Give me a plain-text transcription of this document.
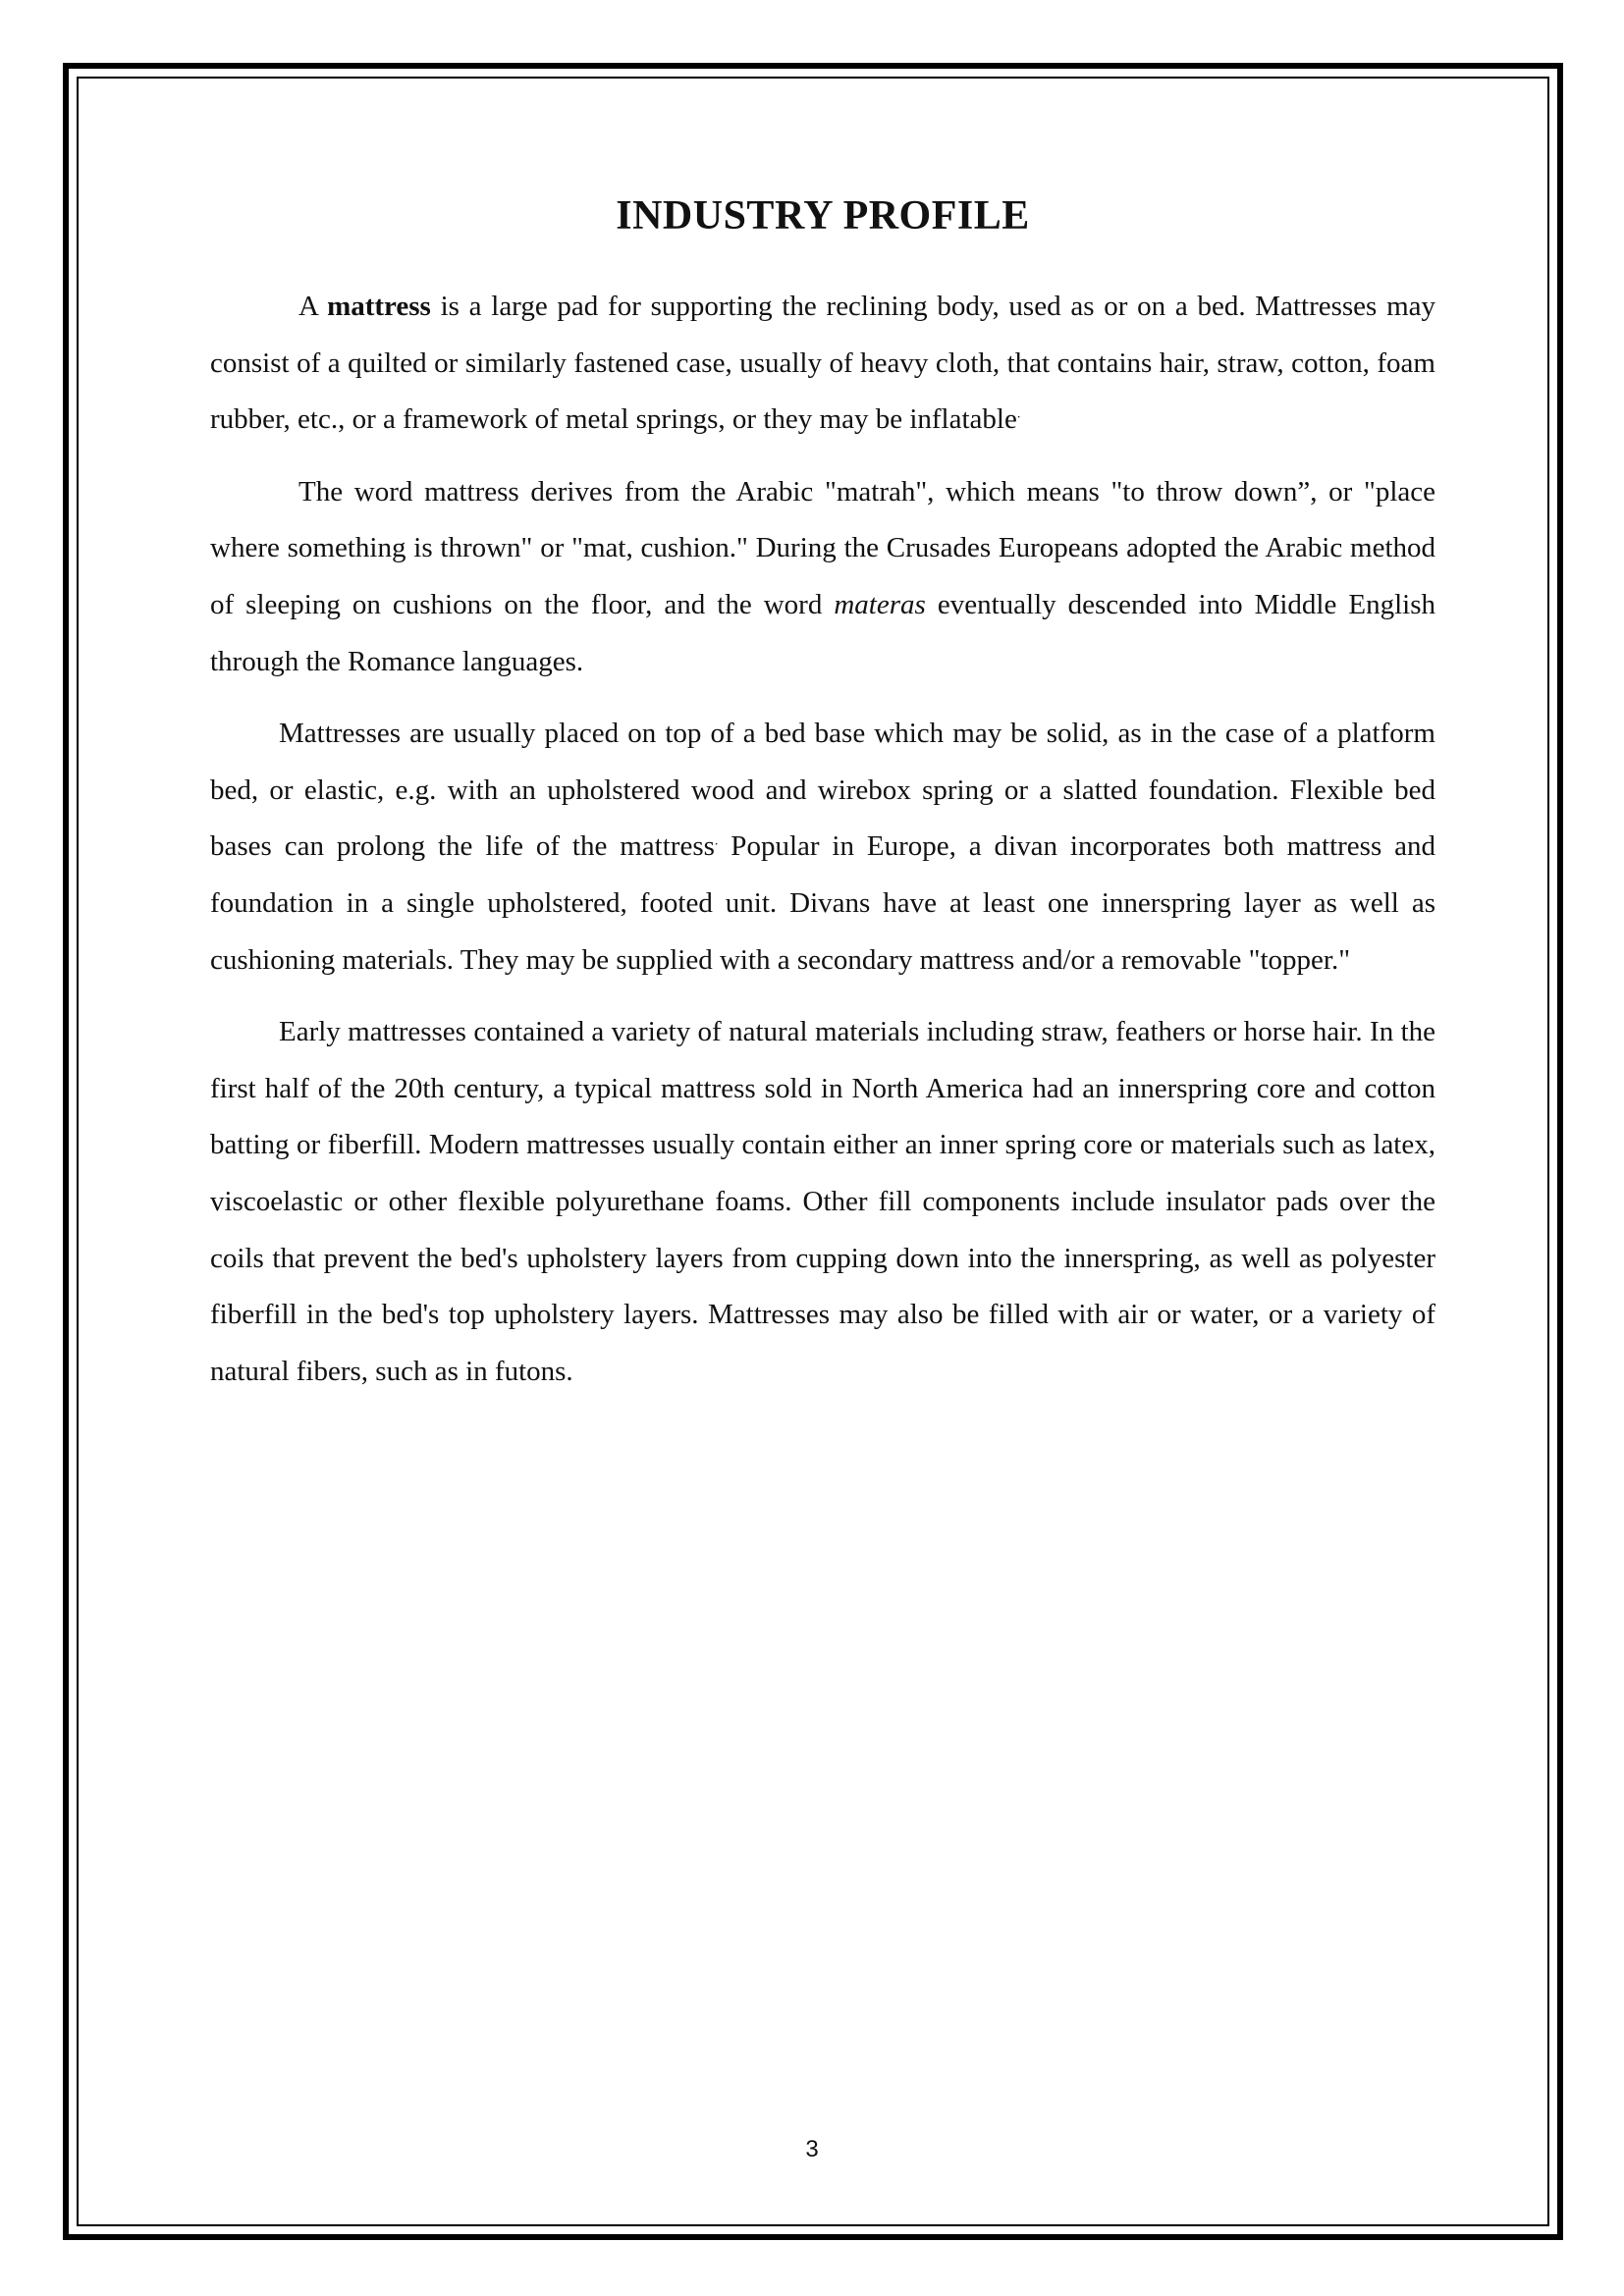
INDUSTRY PROFILE

A mattress is a large pad for supporting the reclining body, used as or on a bed. Mattresses may consist of a quilted or similarly fastened case, usually of heavy cloth, that contains hair, straw, cotton, foam rubber, etc., or a framework of metal springs, or they may be inflatable.

The word mattress derives from the Arabic "matrah", which means "to throw down”, or "place where something is thrown" or "mat, cushion." During the Crusades Europeans adopted the Arabic method of sleeping on cushions on the floor, and the word materas eventually descended into Middle English through the Romance languages.

Mattresses are usually placed on top of a bed base which may be solid, as in the case of a platform bed, or elastic, e.g. with an upholstered wood and wirebox spring or a slatted foundation. Flexible bed bases can prolong the life of the mattress. Popular in Europe, a divan incorporates both mattress and foundation in a single upholstered, footed unit. Divans have at least one innerspring layer as well as cushioning materials. They may be supplied with a secondary mattress and/or a removable "topper."

Early mattresses contained a variety of natural materials including straw, feathers or horse hair. In the first half of the 20th century, a typical mattress sold in North America had an innerspring core and cotton batting or fiberfill. Modern mattresses usually contain either an inner spring core or materials such as latex, viscoelastic or other flexible polyurethane foams. Other fill components include insulator pads over the coils that prevent the bed's upholstery layers from cupping down into the innerspring, as well as polyester fiberfill in the bed's top upholstery layers. Mattresses may also be filled with air or water, or a variety of natural fibers, such as in futons.

3
